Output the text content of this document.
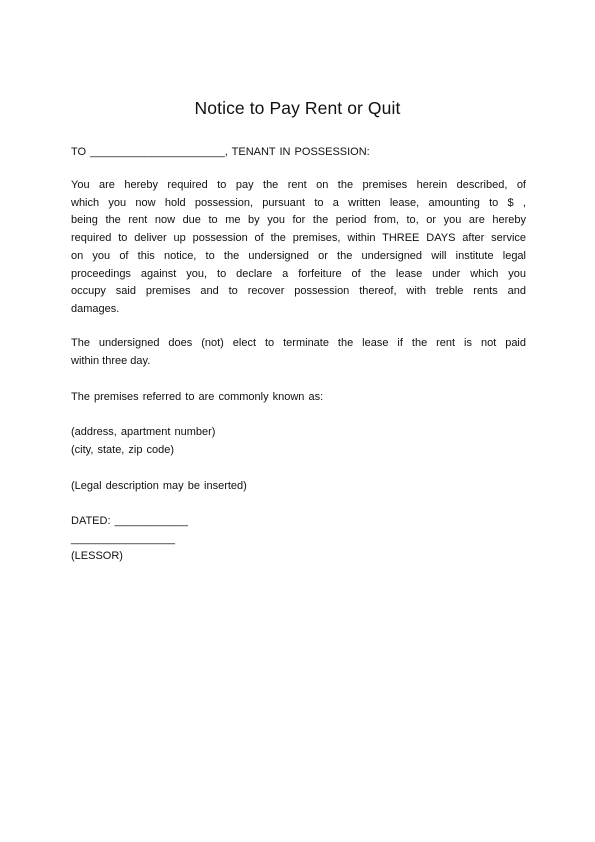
Notice to Pay Rent or Quit
TO ______________________, TENANT IN POSSESSION:
You are hereby required to pay the rent on the premises herein described, of
which you now hold possession, pursuant to a written lease, amounting to $ ,
being the rent now due to me by you for the period from, to, or you are hereby
required to deliver up possession of the premises, within THREE DAYS after service
on you of this notice, to the undersigned or the undersigned will institute legal
proceedings against you, to declare a forfeiture of the lease under which you
occupy said premises and to recover possession thereof, with treble rents and
damages.
The undersigned does (not) elect to terminate the lease if the rent is not paid
within three day.
The premises referred to are commonly known as:
(address, apartment number)
(city, state, zip code)
(Legal description may be inserted)
DATED: ____________
_________________
(LESSOR)
